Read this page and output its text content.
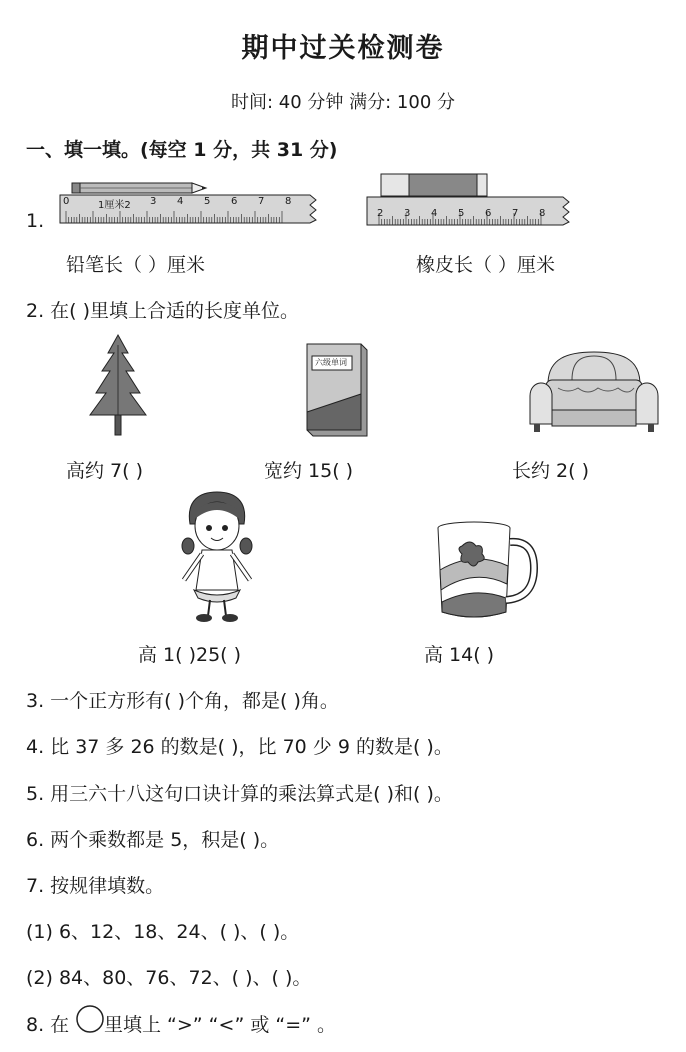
期中过关检测卷
时间: 40 分钟 满分: 100 分
一、填一填。(每空 1 分，共 31 分)
1.
0	1厘米2 3 4 5 6 7 8
2 3 4 5 6 7 8
铅笔长（ ）厘米	橡皮长（ ）厘米
2. 在( )里填上合适的长度单位。
六级单词
高约 7( )	宽约 15( )	长约 2( )
高 1( )25( )	高 14( )
3. 一个正方形有( )个角，都是( )角。
4. 比 37 多 26 的数是( )，比 70 少 9 的数是( )。
5. 用三六十八这句口诀计算的乘法算式是( )和( )。
6. 两个乘数都是 5，积是( )。
7. 按规律填数。
(1) 6、12、18、24、( )、( )。
(2) 84、80、76、72、( )、( )。
8. 在 里填上 “>” “<” 或 “=” 。
